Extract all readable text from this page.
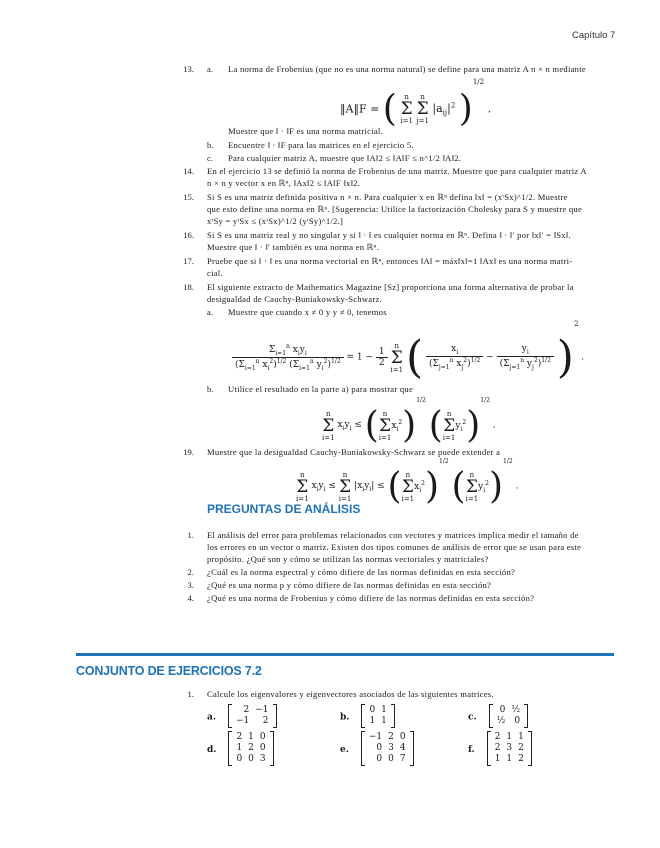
Capítulo 7
13. a. La norma de Frobenius (que no es una norma natural) se define para una matriz A n × n mediante
‖A‖F = ( n
Σ
i=1 n
Σ
j=1 $|a_{ij}|^2$ )$^{1/2}$ .
Muestre que ‖ · ‖F es una norma matricial.
b. Encuentre ‖ · ‖F para las matrices en el ejercicio 5.
c. Para cualquier matriz A, muestre que ‖A‖2 ≤ ‖A‖F ≤ n^1/2 ‖A‖2.
14. En el ejercicio 13 se definió la norma de Frobenius de una matriz. Muestre que para cualquier matriz A
n × n y vector x en ℝⁿ, ‖Ax‖2 ≤ ‖A‖F ‖x‖2.
15. Si S es una matriz definida positiva n × n. Para cualquier x en ℝⁿ defina ‖x‖ = (xᵗSx)^1/2. Muestre
que esto define una norma en ℝⁿ. [Sugerencia: Utilice la factorización Cholesky para S y muestre que
xᵗSy = yᵗSx ≤ (xᵗSx)^1/2 (yᵗSy)^1/2.]
16. Si S es una matriz real y no singular y si ‖ · ‖ es cualquier norma en ℝⁿ. Defina ‖ · ‖′ por ‖x‖′ = ‖Sx‖.
Muestre que ‖ · ‖′ también es una norma en ℝⁿ.
17. Pruebe que si ‖ · ‖ es una norma vectorial en ℝⁿ, entonces ‖A‖ = máx‖x‖=1 ‖Ax‖ es una norma matri-
cial.
18. El siguiente extracto de Mathematics Magazine [Sz] proporciona una forma alternativa de probar la
desigualdad de Cauchy-Buniakowsky-Schwarz.
a. Muestre que cuando x ≠ 0 y y ≠ 0, tenemos
$\frac{\Sigma_{i=1}^n x_iy_i}{(\Sigma_{i=1}^n x_i^2)^{1/2} (\Sigma_{i=1}^n y_i^2)^{1/2}} = 1 - \frac{1}{2}$
n
Σ
i=1 ( $\frac{x_i}{(\Sigma_{j=1}^n x_j^2)^{1/2}} - \frac{y_i}{(\Sigma_{j=1}^n y_j^2)^{1/2}} )^2$ .
b. Utilice el resultado en la parte a) para mostrar que
n
Σ
i=1 $x_iy_i$ ≤ ( n
Σ
$i=1x_i^2)^{1/2}$ ( n
Σ
$i=1y_i^2)^{1/2}$ .
19. Muestre que la desigualdad Cauchy-Buniakowsky-Schwarz se puede extender a
n
Σ
i=1 $x_iy_i \le n$
Σ
i=1 $|x_iy_i|$ ≤ ( n
Σ
$i=1x_i^2)^{1/2}$ ( n
Σ
$i=1y_i^2)^{1/2}$ .
PREGUNTAS DE ANÁLISIS
1. El análisis del error para problemas relacionados con vectores y matrices implica medir el tamaño de
los errores en un vector o matriz. Existen dos tipos comunes de análisis de error que se usan para este
propósito. ¿Qué son y cómo se utilizan las normas vectoriales y matriciales?
2. ¿Cuál es la norma espectral y cómo difiere de las normas definidas en esta sección?
3. ¿Qué es una norma p y cómo difiere de las normas definidas en esta sección?
4. ¿Qué es una norma de Frobenius y cómo difiere de las normas definidas en esta sección?
CONJUNTO DE EJERCICIOS 7.2
1. Calcule los eigenvalores y eigenvectores asociados de las siguientes matrices.
a.
2	−1
−1	2	b.
0	1
1	1	c.
0	½
½	0
d.
2	1	0
1	2	0
0	0	3
e.
−1	2	0
0	3	4
0	0	7
f.
2	1	1
2	3	2
1	1	2
